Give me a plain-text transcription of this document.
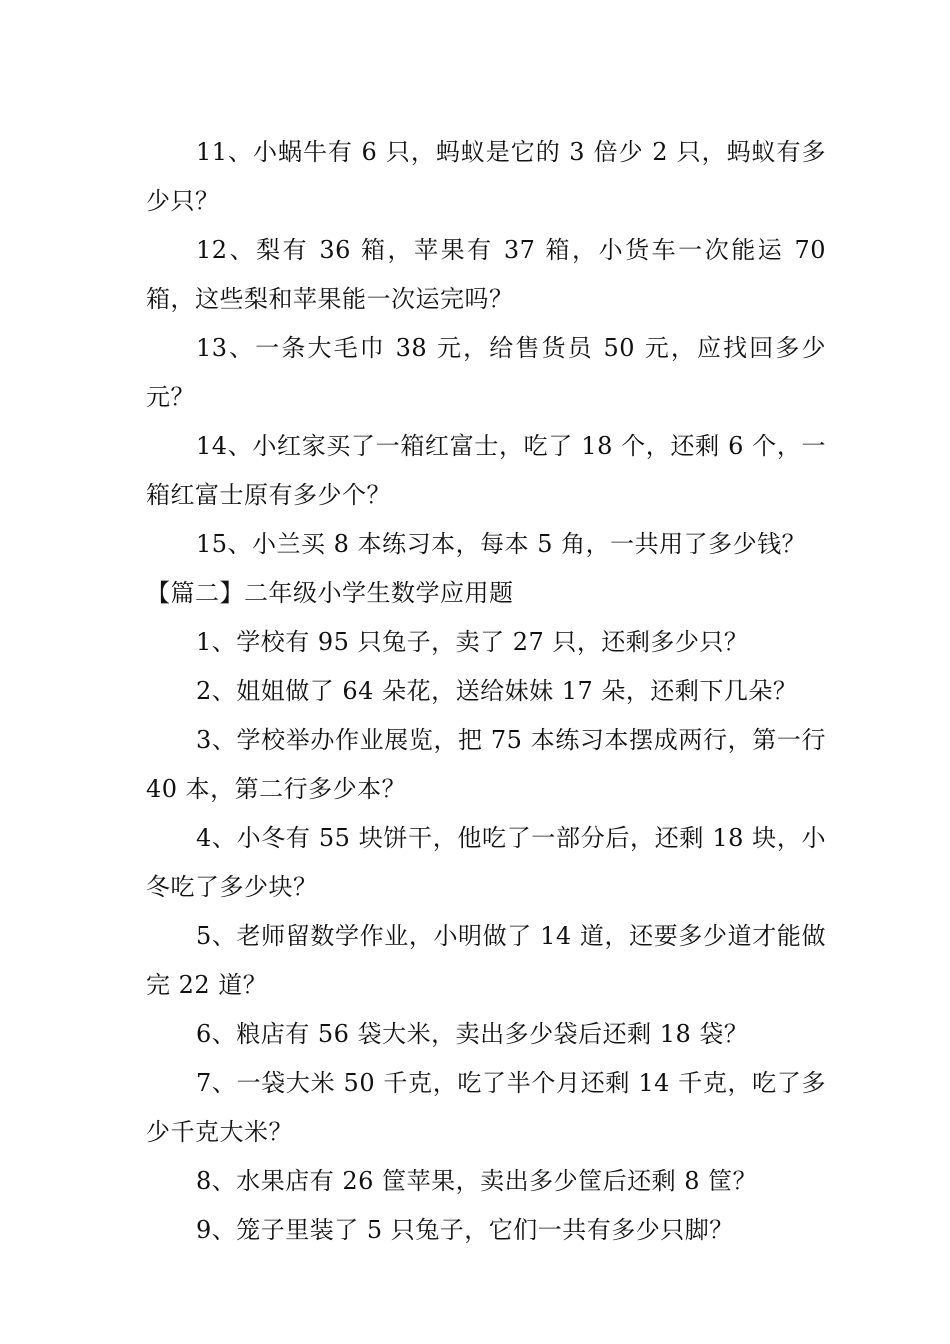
11、小蜗牛有 6 只，蚂蚁是它的 3 倍少 2 只，蚂蚁有多少只？

12、梨有 36 箱，苹果有 37 箱，小货车一次能运 70 箱，这些梨和苹果能一次运完吗？

13、一条大毛巾 38 元，给售货员 50 元，应找回多少元？

14、小红家买了一箱红富士，吃了 18 个，还剩 6 个，一箱红富士原有多少个？

15、小兰买 8 本练习本，每本 5 角，一共用了多少钱？

【篇二】二年级小学生数学应用题

1、学校有 95 只兔子，卖了 27 只，还剩多少只？

2、姐姐做了 64 朵花，送给妹妹 17 朵，还剩下几朵？

3、学校举办作业展览，把 75 本练习本摆成两行，第一行 40 本，第二行多少本？

4、小冬有 55 块饼干，他吃了一部分后，还剩 18 块，小冬吃了多少块？

5、老师留数学作业，小明做了 14 道，还要多少道才能做完 22 道？

6、粮店有 56 袋大米，卖出多少袋后还剩 18 袋？

7、一袋大米 50 千克，吃了半个月还剩 14 千克，吃了多少千克大米？

8、水果店有 26 筐苹果，卖出多少筐后还剩 8 筐？

9、笼子里装了 5 只兔子，它们一共有多少只脚？
